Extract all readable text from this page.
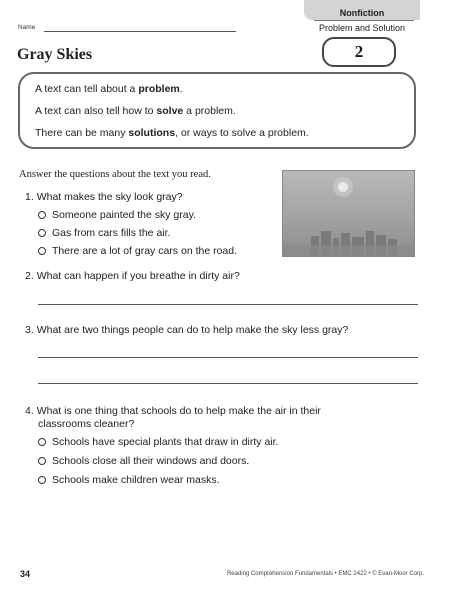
Name
Nonfiction
Problem and Solution
2
Gray Skies
A text can tell about a problem.
A text can also tell how to solve a problem.
There can be many solutions, or ways to solve a problem.
Answer the questions about the text you read.
1. What makes the sky look gray?
Someone painted the sky gray.
Gas from cars fills the air.
There are a lot of gray cars on the road.
2. What can happen if you breathe in dirty air?
3. What are two things people can do to help make the sky less gray?
4. What is one thing that schools do to help make the air in their
classrooms cleaner?
Schools have special plants that draw in dirty air.
Schools close all their windows and doors.
Schools make children wear masks.
34	Reading Comprehension Fundamentals • EMC 2422 • © Evan-Moor Corp.
